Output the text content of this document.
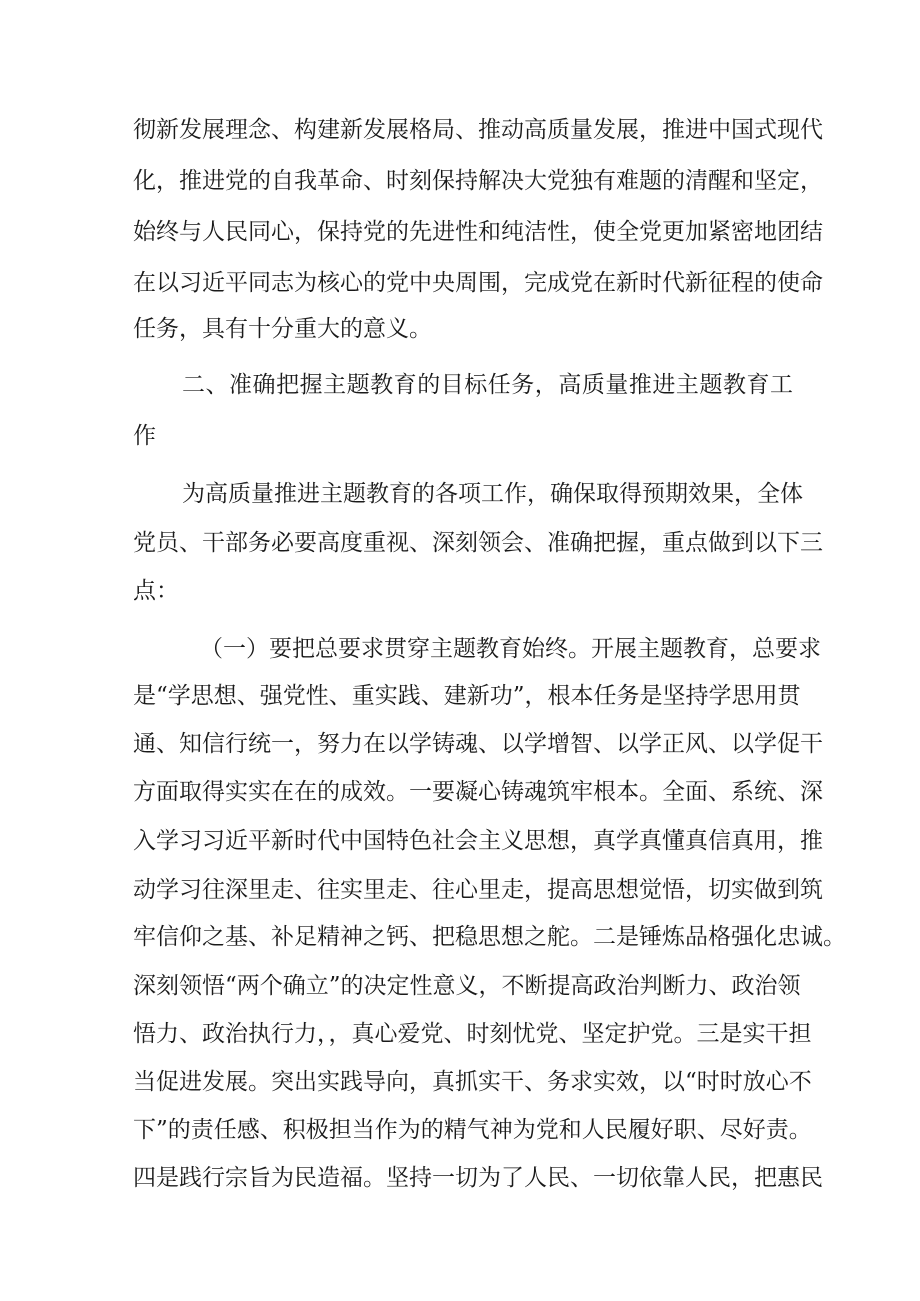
彻新发展理念、构建新发展格局、推动高质量发展，推进中国式现代
化，推进党的自我革命、时刻保持解决大党独有难题的清醒和坚定，
始终与人民同心，保持党的先进性和纯洁性，使全党更加紧密地团结
在以习近平同志为核心的党中央周围，完成党在新时代新征程的使命
任务，具有十分重大的意义。
二、准确把握主题教育的目标任务，高质量推进主题教育工
作
为高质量推进主题教育的各项工作，确保取得预期效果，全体
党员、干部务必要高度重视、深刻领会、准确把握，重点做到以下三
点：
（一）要把总要求贯穿主题教育始终。开展主题教育，总要求
是“学思想、强党性、重实践、建新功”，根本任务是坚持学思用贯
通、知信行统一，努力在以学铸魂、以学增智、以学正风、以学促干
方面取得实实在在的成效。一要凝心铸魂筑牢根本。全面、系统、深
入学习习近平新时代中国特色社会主义思想，真学真懂真信真用，推
动学习往深里走、往实里走、往心里走，提高思想觉悟，切实做到筑
牢信仰之基、补足精神之钙、把稳思想之舵。二是锤炼品格强化忠诚。
深刻领悟“两个确立”的决定性意义，不断提高政治判断力、政治领
悟力、政治执行力，，真心爱党、时刻忧党、坚定护党。三是实干担
当促进发展。突出实践导向，真抓实干、务求实效，以“时时放心不
下”的责任感、积极担当作为的精气神为党和人民履好职、尽好责。
四是践行宗旨为民造福。坚持一切为了人民、一切依靠人民，把惠民
